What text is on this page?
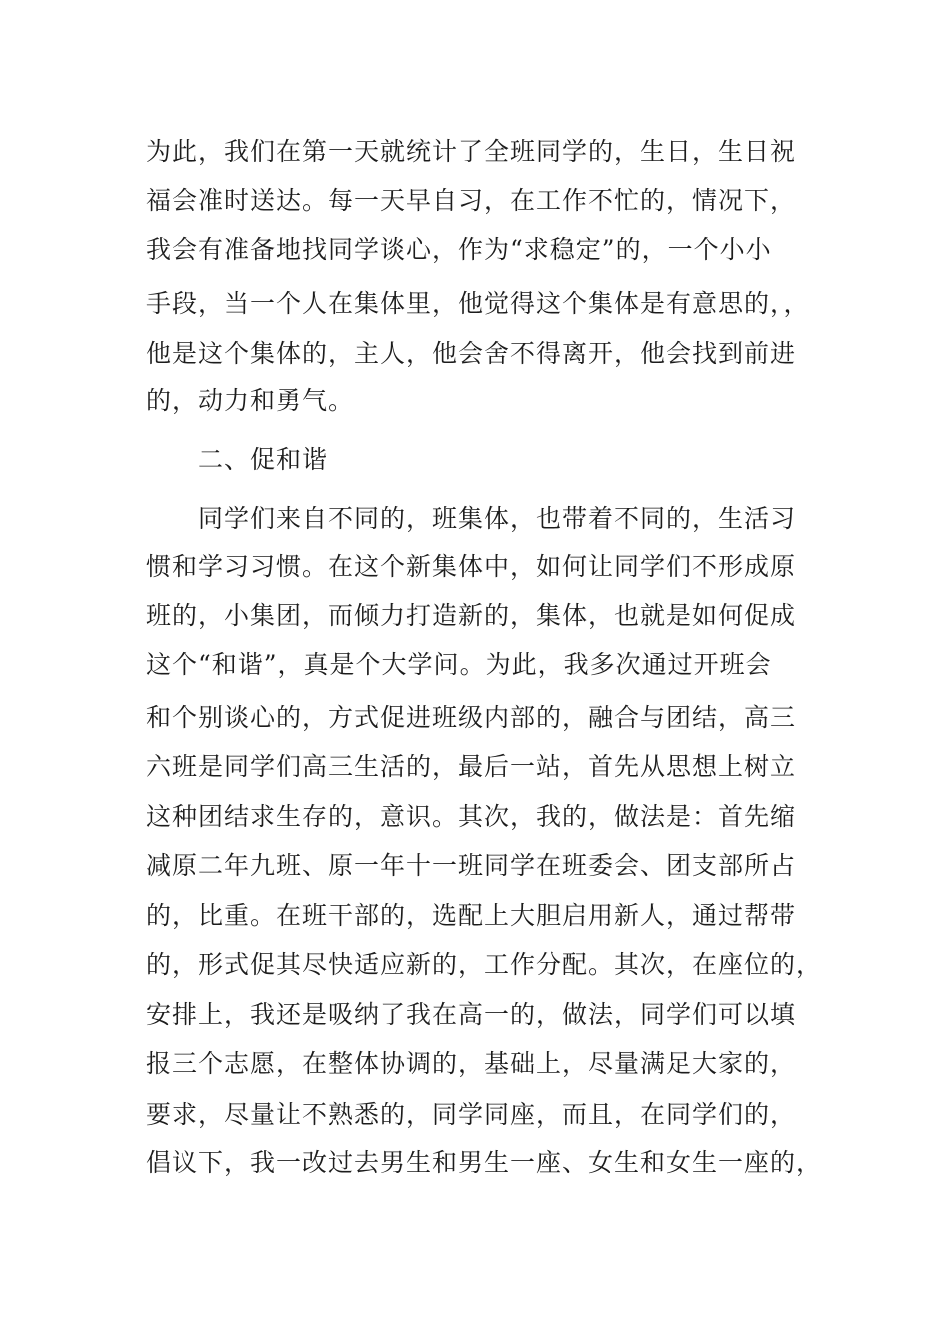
为此，我们在第一天就统计了全班同学的，生日，生日祝
福会准时送达。每一天早自习，在工作不忙的，情况下，
我会有准备地找同学谈心，作为“求稳定”的，一个小小
手段，当一个人在集体里，他觉得这个集体是有意思的，，
他是这个集体的，主人，他会舍不得离开，他会找到前进
的，动力和勇气。
二、促和谐
同学们来自不同的，班集体，也带着不同的，生活习
惯和学习习惯。在这个新集体中，如何让同学们不形成原
班的，小集团，而倾力打造新的，集体，也就是如何促成
这个“和谐”，真是个大学问。为此，我多次通过开班会
和个别谈心的，方式促进班级内部的，融合与团结，高三
六班是同学们高三生活的，最后一站，首先从思想上树立
这种团结求生存的，意识。其次，我的，做法是：首先缩
减原二年九班、原一年十一班同学在班委会、团支部所占
的，比重。在班干部的，选配上大胆启用新人，通过帮带
的，形式促其尽快适应新的，工作分配。其次，在座位的，
安排上，我还是吸纳了我在高一的，做法，同学们可以填
报三个志愿，在整体协调的，基础上，尽量满足大家的，
要求，尽量让不熟悉的，同学同座，而且，在同学们的，
倡议下，我一改过去男生和男生一座、女生和女生一座的，
